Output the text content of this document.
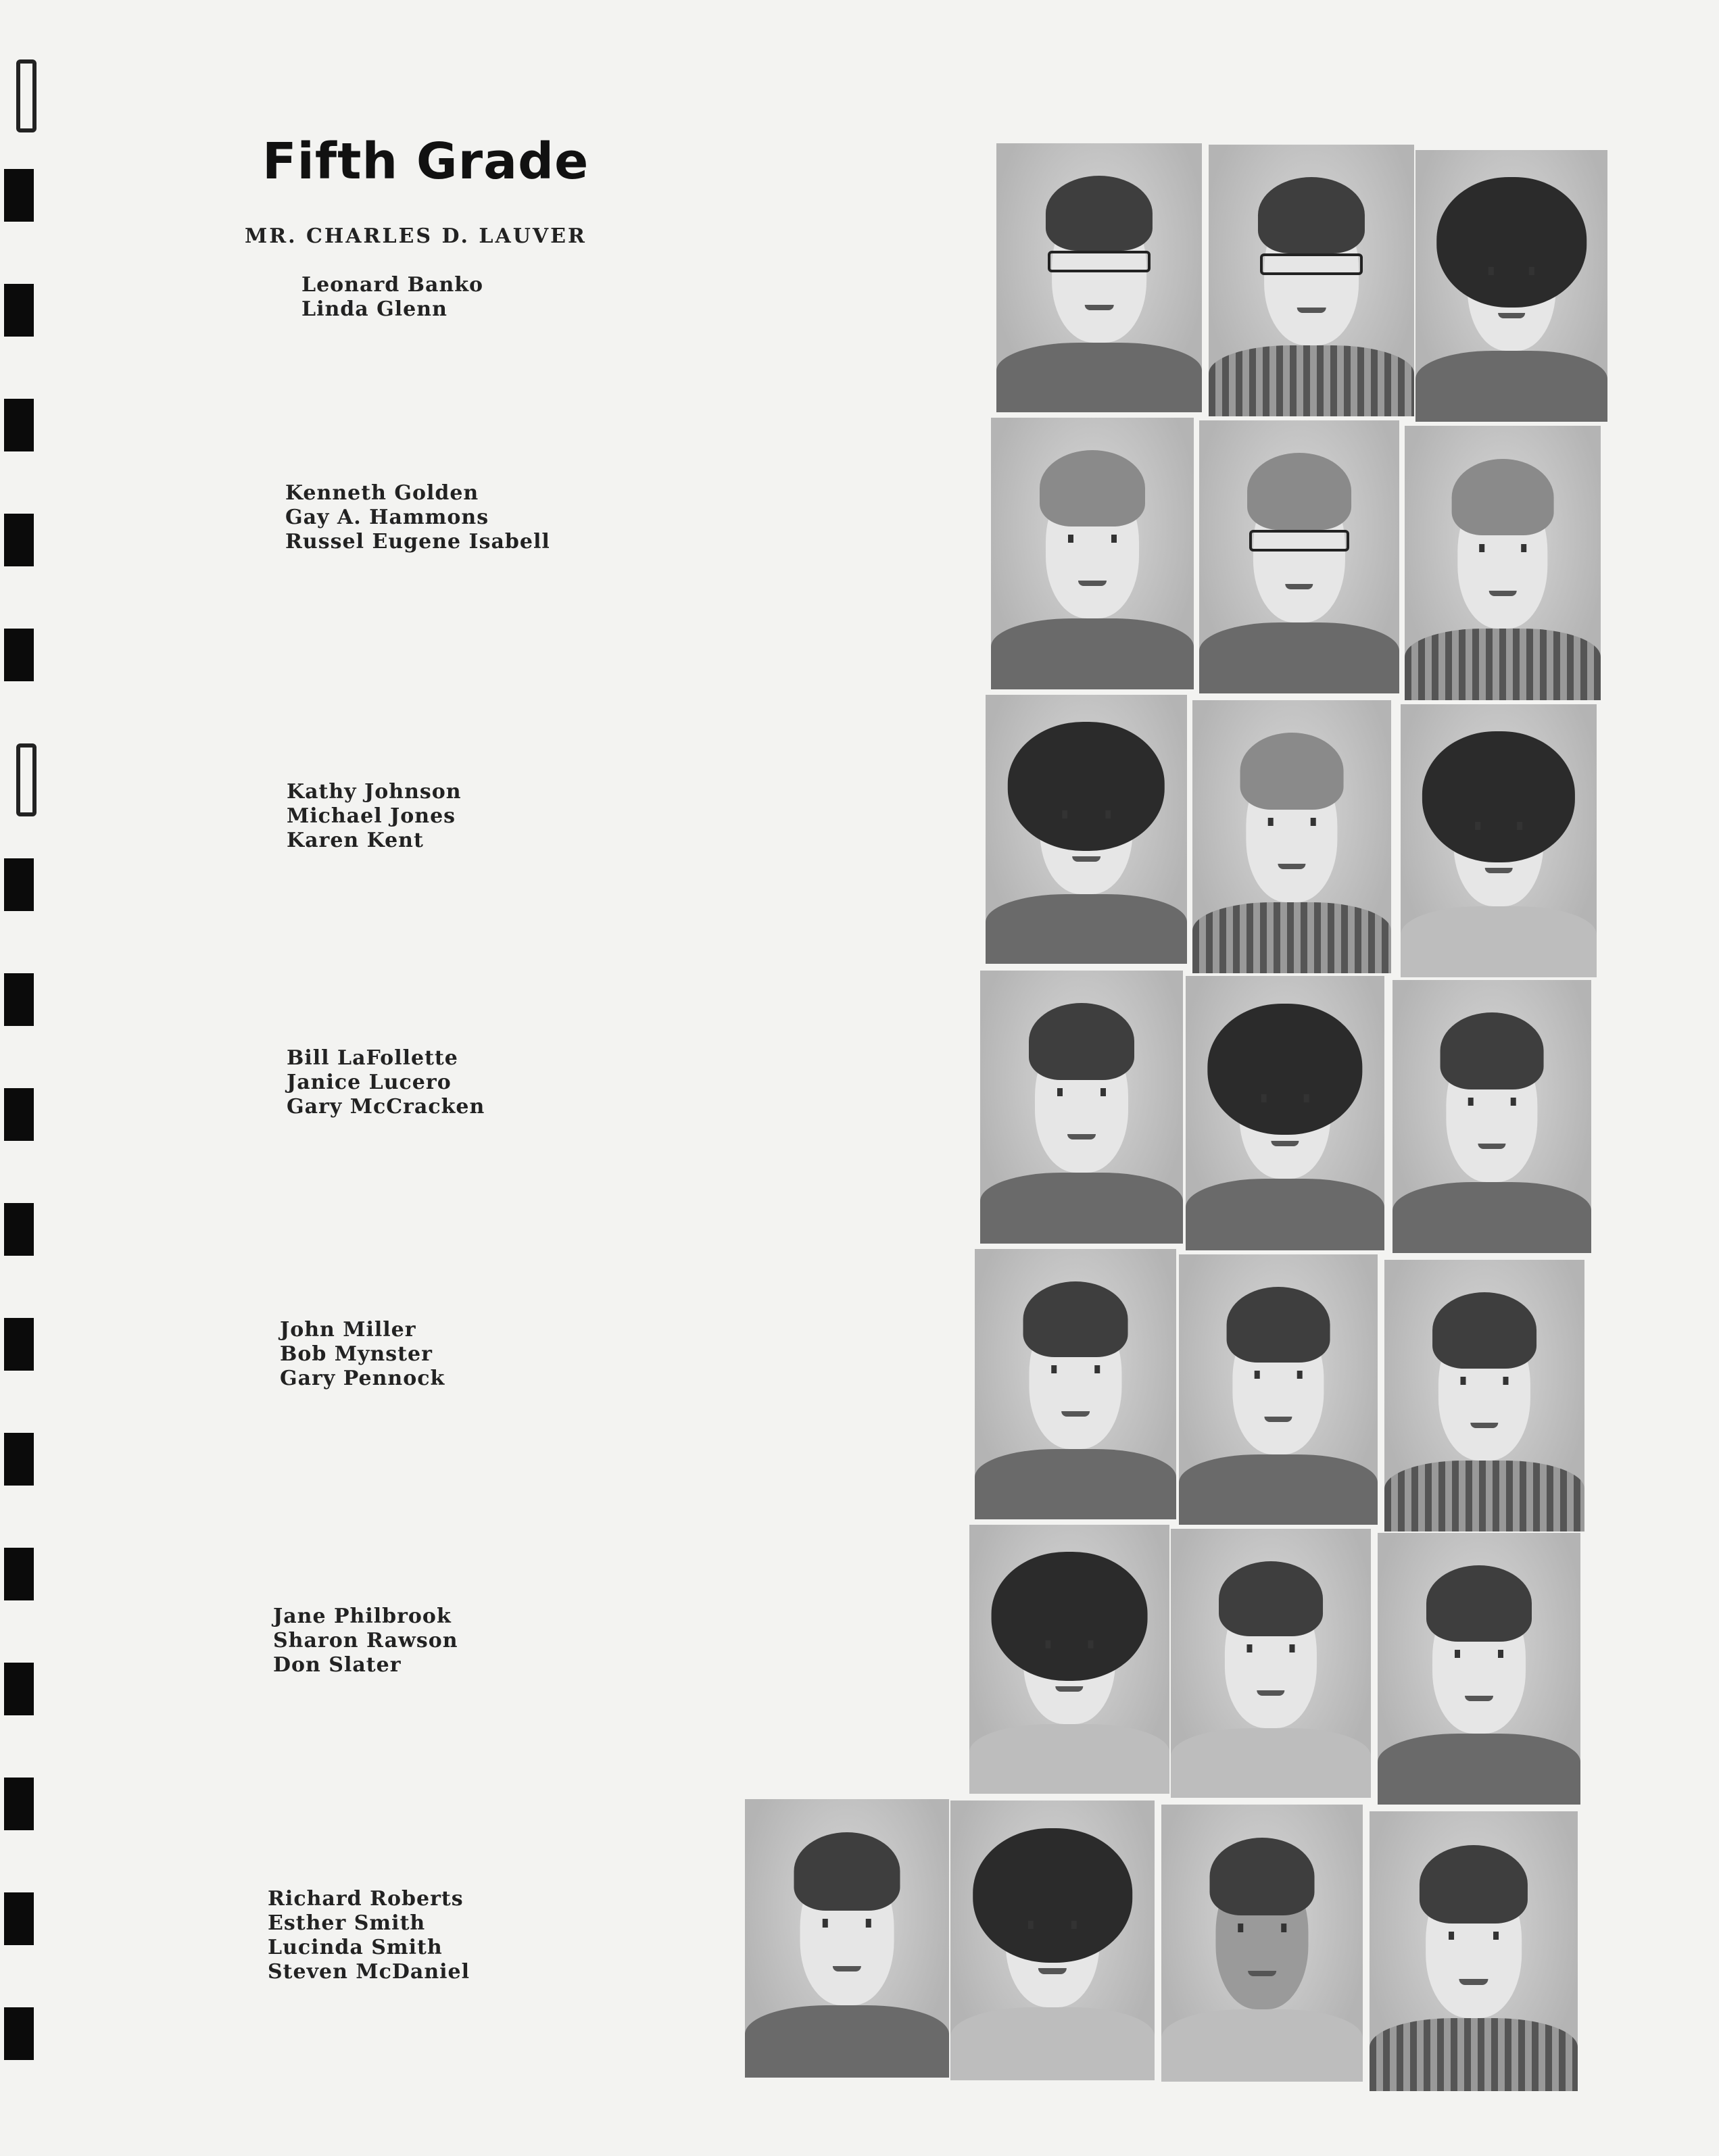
Fifth Grade
MR. CHARLES D. LAUVER
Leonard Banko
Linda Glenn
Kenneth Golden
Gay A. Hammons
Russel Eugene Isabell
Kathy Johnson
Michael Jones
Karen Kent
Bill LaFollette
Janice Lucero
Gary McCracken
John Miller
Bob Mynster
Gary Pennock
Jane Philbrook
Sharon Rawson
Don Slater
Richard Roberts
Esther Smith
Lucinda Smith
Steven McDaniel
